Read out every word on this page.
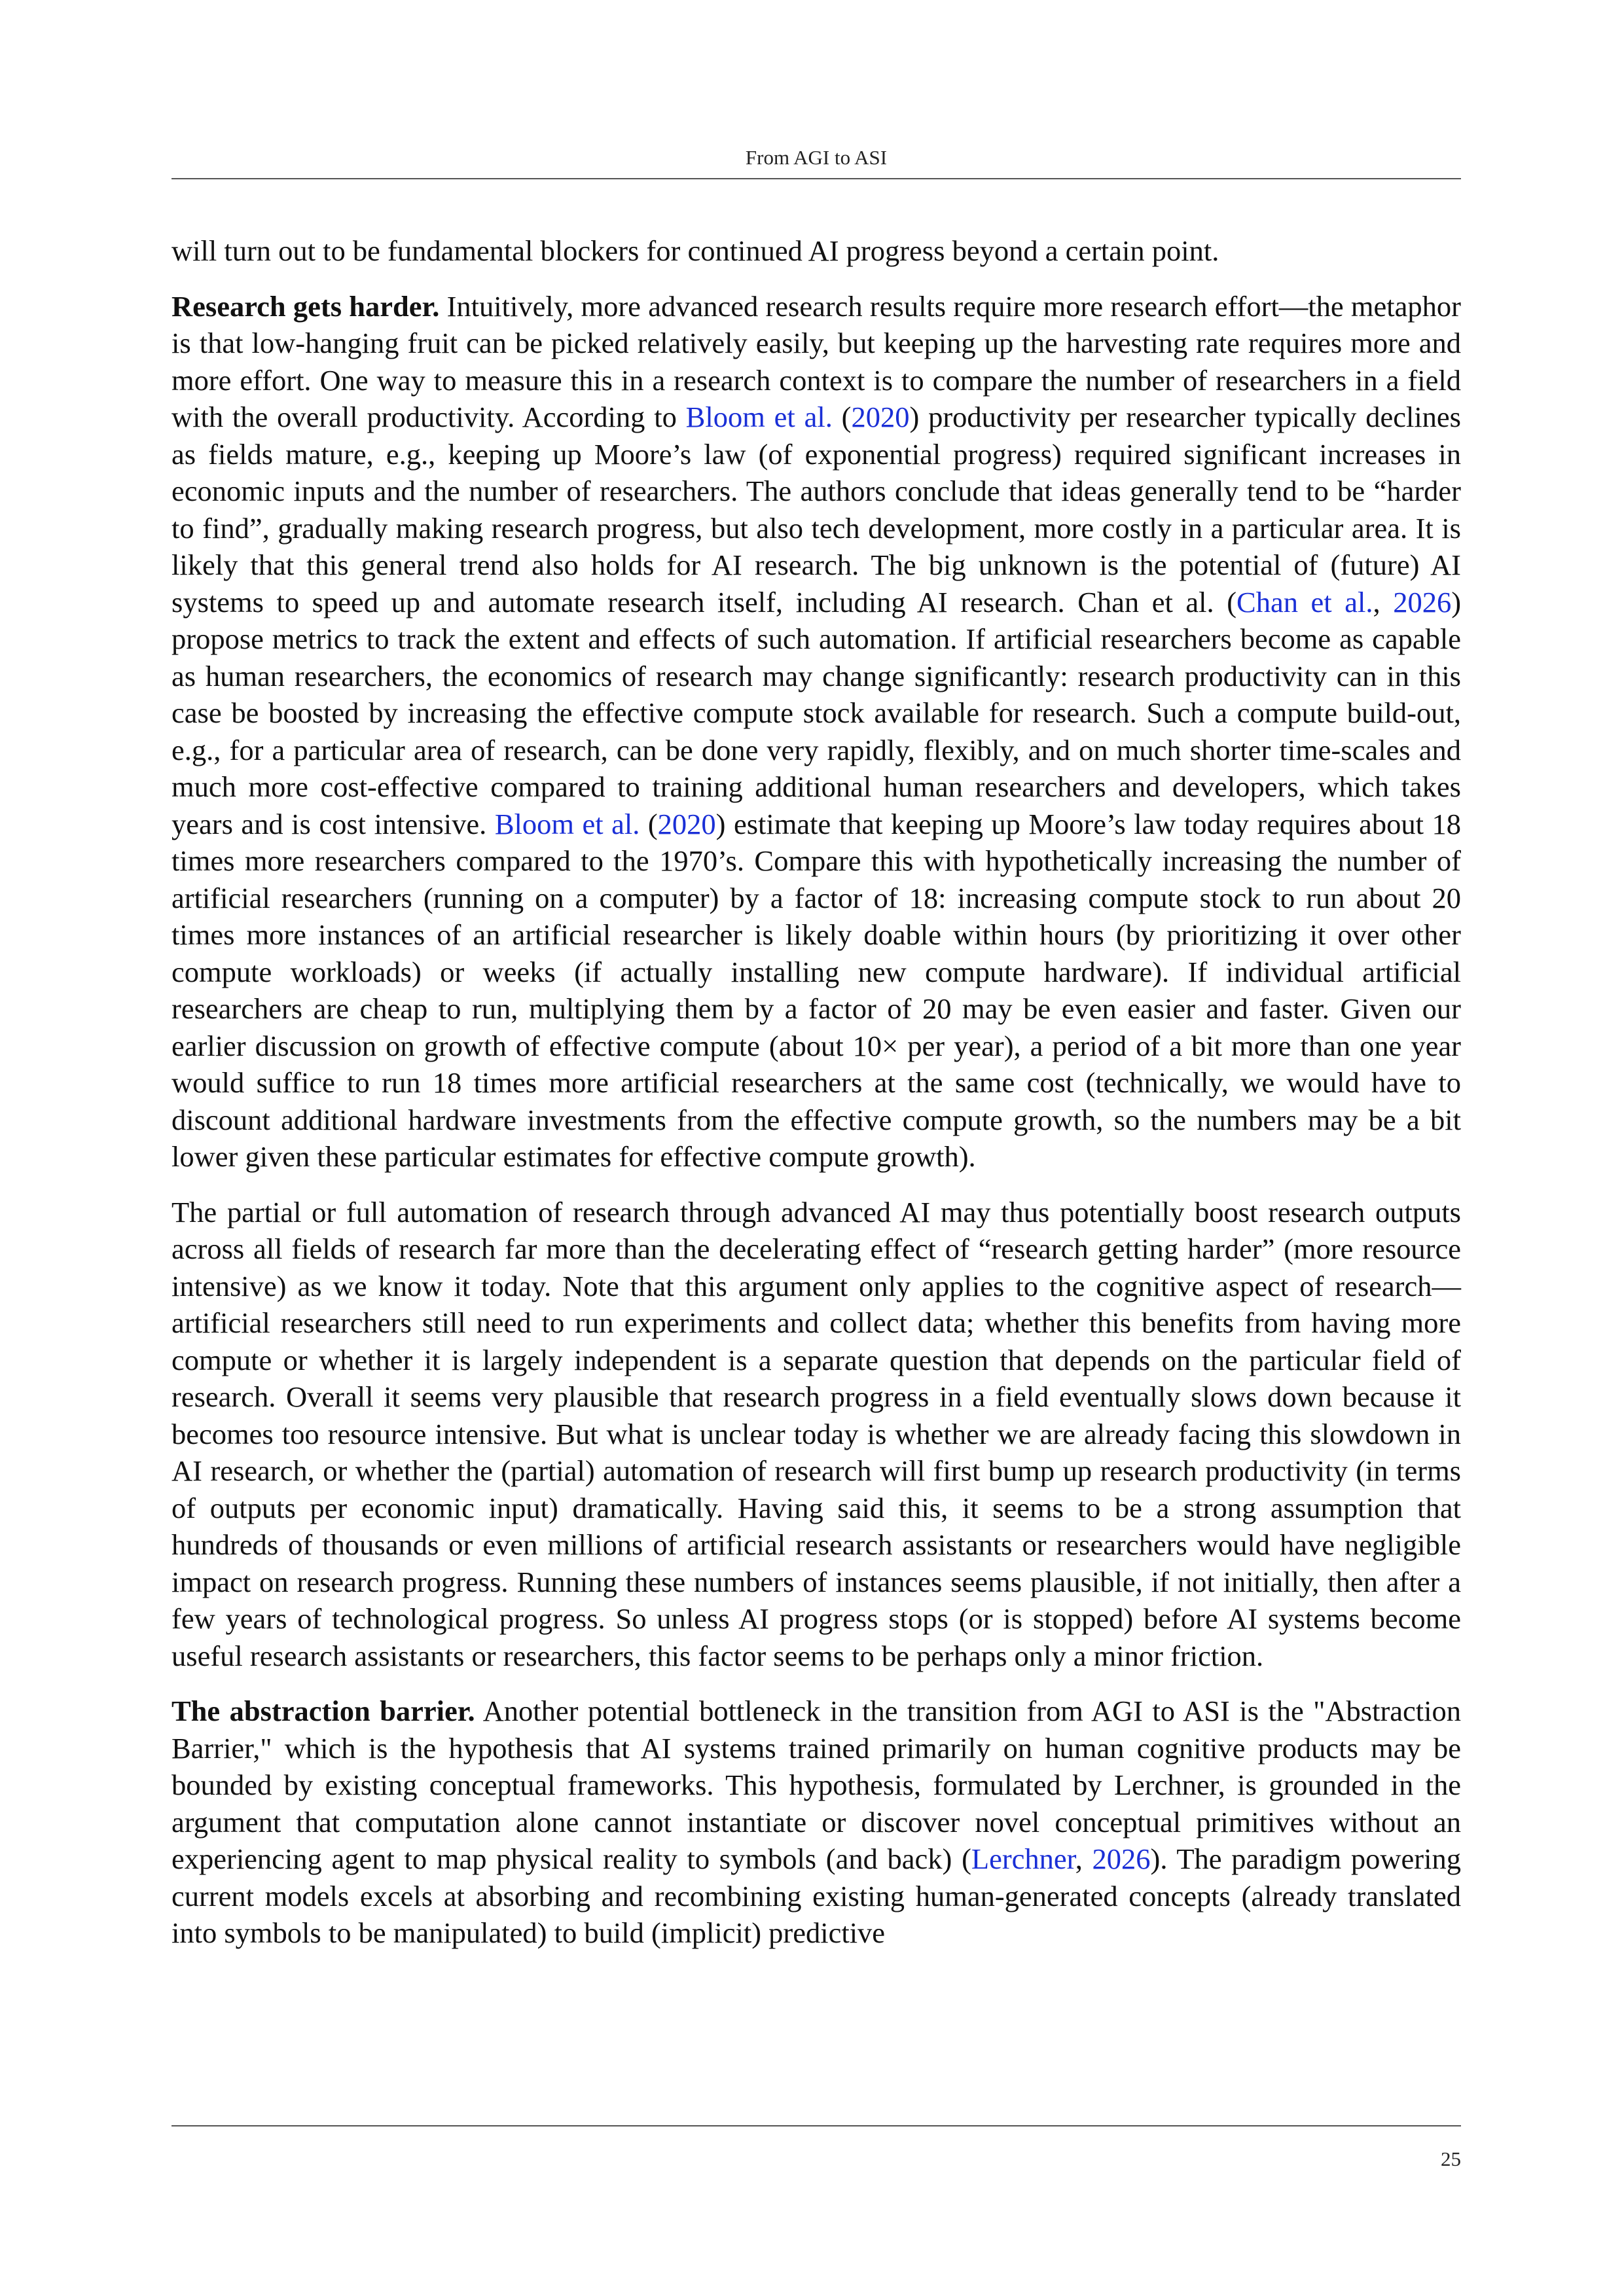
From AGI to ASI

will turn out to be fundamental blockers for continued AI progress beyond a certain point.

Research gets harder. Intuitively, more advanced research results require more research effort—the metaphor is that low-hanging fruit can be picked relatively easily, but keeping up the harvesting rate requires more and more effort. One way to measure this in a research context is to compare the number of researchers in a field with the overall productivity. According to Bloom et al. (2020) productivity per researcher typically declines as fields mature, e.g., keeping up Moore’s law (of exponential progress) required significant increases in economic inputs and the number of researchers. The authors conclude that ideas generally tend to be “harder to find”, gradually making research progress, but also tech development, more costly in a particular area. It is likely that this general trend also holds for AI research. The big unknown is the potential of (future) AI systems to speed up and automate research itself, including AI research. Chan et al. (Chan et al., 2026) propose metrics to track the extent and effects of such automation. If artificial researchers become as capable as human researchers, the economics of research may change significantly: research productivity can in this case be boosted by increasing the effective compute stock available for research. Such a compute build-out, e.g., for a particular area of research, can be done very rapidly, flexibly, and on much shorter time-scales and much more cost-effective compared to training additional human researchers and developers, which takes years and is cost intensive. Bloom et al. (2020) estimate that keeping up Moore’s law today requires about 18 times more researchers compared to the 1970’s. Compare this with hypothetically increasing the number of artificial researchers (running on a computer) by a factor of 18: increasing compute stock to run about 20 times more instances of an artificial researcher is likely doable within hours (by prioritizing it over other compute workloads) or weeks (if actually installing new compute hardware). If individual artificial researchers are cheap to run, multiplying them by a factor of 20 may be even easier and faster. Given our earlier discussion on growth of effective compute (about 10× per year), a period of a bit more than one year would suffice to run 18 times more artificial researchers at the same cost (technically, we would have to discount additional hardware investments from the effective compute growth, so the numbers may be a bit lower given these particular estimates for effective compute growth).

The partial or full automation of research through advanced AI may thus potentially boost research outputs across all fields of research far more than the decelerating effect of “research getting harder” (more resource intensive) as we know it today. Note that this argument only applies to the cognitive aspect of research—artificial researchers still need to run experiments and collect data; whether this benefits from having more compute or whether it is largely independent is a separate question that depends on the particular field of research. Overall it seems very plausible that research progress in a field eventually slows down because it becomes too resource intensive. But what is unclear today is whether we are already facing this slowdown in AI research, or whether the (partial) automation of research will first bump up research productivity (in terms of outputs per economic input) dramatically. Having said this, it seems to be a strong assumption that hundreds of thousands or even millions of artificial research assistants or researchers would have negligible impact on research progress. Running these numbers of instances seems plausible, if not initially, then after a few years of technological progress. So unless AI progress stops (or is stopped) before AI systems become useful research assistants or researchers, this factor seems to be perhaps only a minor friction.

The abstraction barrier. Another potential bottleneck in the transition from AGI to ASI is the "Abstraction Barrier," which is the hypothesis that AI systems trained primarily on human cognitive products may be bounded by existing conceptual frameworks. This hypothesis, formulated by Lerchner, is grounded in the argument that computation alone cannot instantiate or discover novel conceptual primitives without an experiencing agent to map physical reality to symbols (and back) (Lerchner, 2026). The paradigm powering current models excels at absorbing and recombining existing human-generated concepts (already translated into symbols to be manipulated) to build (implicit) predictive

25
